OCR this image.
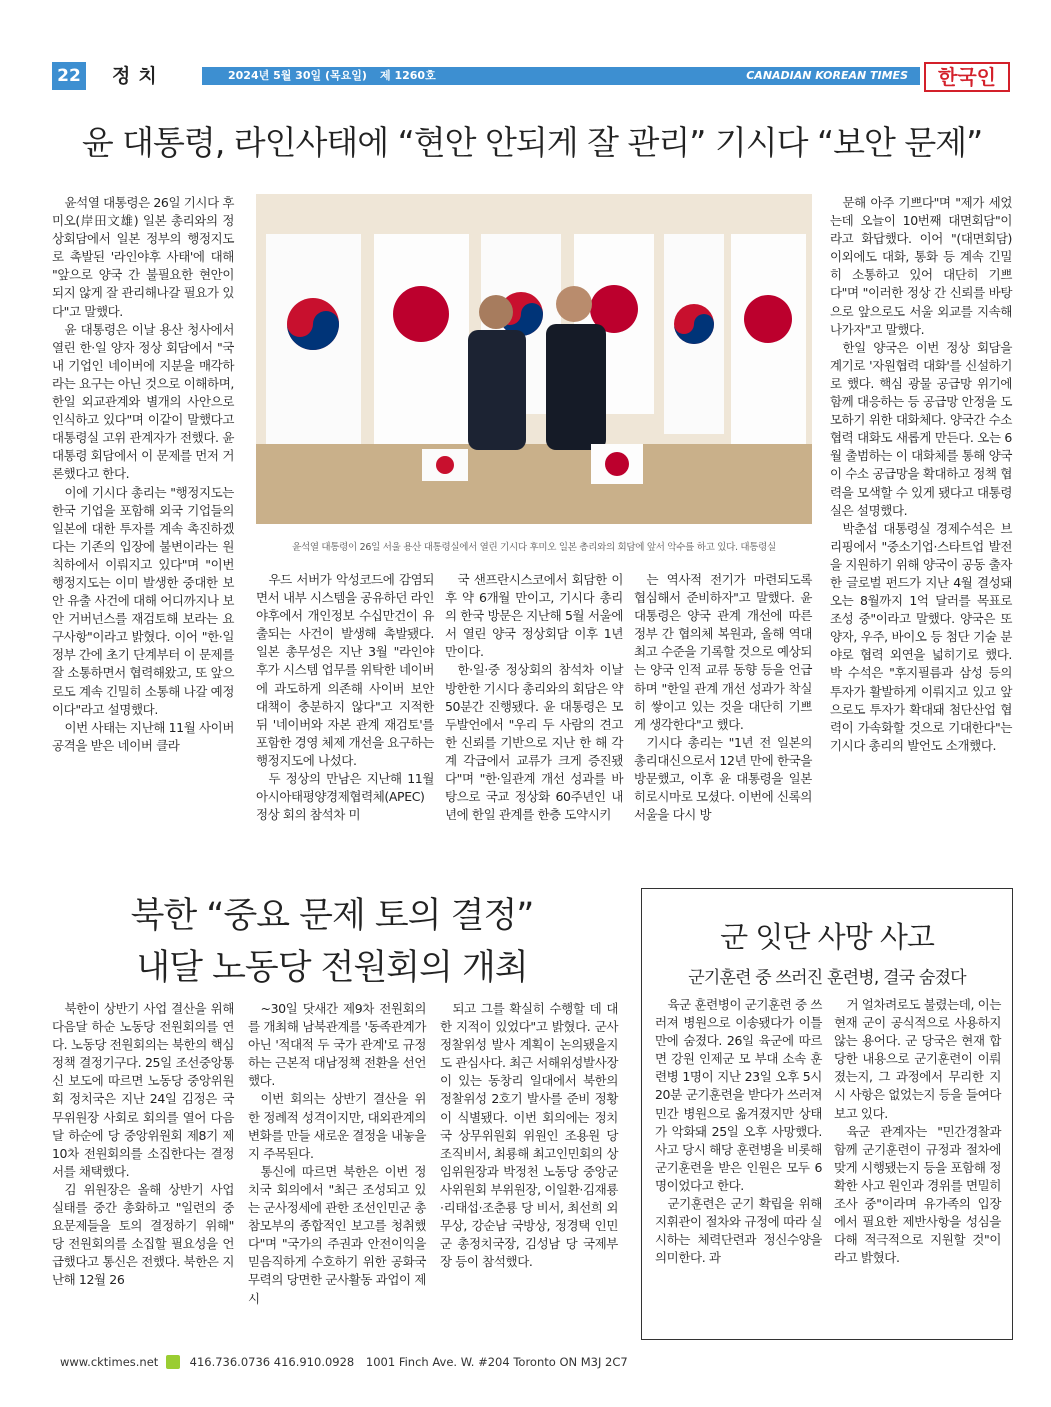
22 정치	2024년 5월 30일 (목요일) 제 1260호	CANADIAN KOREAN TIMES	한국인
윤 대통령, 라인사태에 “현안 안되게 잘 관리” 기시다 “보안 문제”

윤석열 대통령은 26일 기시다 후미오(岸田文雄) 일본 총리와의 정상회담에서 일본 정부의 행정지도로 촉발된 '라인야후 사태'에 대해 "앞으로 양국 간 불필요한 현안이 되지 않게 잘 관리해나갈 필요가 있다"고 말했다.

윤 대통령은 이날 용산 청사에서 열린 한·일 양자 정상 회담에서 "국내 기업인 네이버에 지분을 매각하라는 요구는 아닌 것으로 이해하며, 한일 외교관계와 별개의 사안으로 인식하고 있다"며 이같이 말했다고 대통령실 고위 관계자가 전했다. 윤 대통령 회담에서 이 문제를 먼저 거론했다고 한다.

이에 기시다 총리는 "행정지도는 한국 기업을 포함해 외국 기업들의 일본에 대한 투자를 계속 촉진하겠다는 기존의 입장에 불변이라는 원칙하에서 이뤄지고 있다"며 "이번 행정지도는 이미 발생한 중대한 보안 유출 사건에 대해 어디까지나 보안 거버넌스를 재검토해 보라는 요구사항"이라고 밝혔다. 이어 "한·일 정부 간에 초기 단계부터 이 문제를 잘 소통하면서 협력해왔고, 또 앞으로도 계속 긴밀히 소통해 나갈 예정이다"라고 설명했다.

이번 사태는 지난해 11월 사이버 공격을 받은 네이버 클라

윤석열 대통령이 26일 서울 용산 대통령실에서 열린 기시다 후미오 일본 총리와의 회담에 앞서 악수를 하고 있다. 대통령실

우드 서버가 악성코드에 감염되면서 내부 시스템을 공유하던 라인야후에서 개인정보 수십만건이 유출되는 사건이 발생해 촉발됐다. 일본 총무성은 지난 3월 "라인야후가 시스템 업무를 위탁한 네이버에 과도하게 의존해 사이버 보안 대책이 충분하지 않다"고 지적한 뒤 '네이버와 자본 관계 재검토'를 포함한 경영 체제 개선을 요구하는 행정지도에 나섰다.

두 정상의 만남은 지난해 11월 아시아태평양경제협력체(APEC) 정상 회의 참석차 미

국 샌프란시스코에서 회담한 이후 약 6개월 만이고, 기시다 총리의 한국 방문은 지난해 5월 서울에서 열린 양국 정상회담 이후 1년 만이다.

한·일·중 정상회의 참석차 이날 방한한 기시다 총리와의 회담은 약 50분간 진행됐다. 윤 대통령은 모두발언에서 "우리 두 사람의 견고한 신뢰를 기반으로 지난 한 해 각계 각급에서 교류가 크게 증진됐다"며 "한·일관계 개선 성과를 바탕으로 국교 정상화 60주년인 내년에 한일 관계를 한층 도약시키

는 역사적 전기가 마련되도록 협심해서 준비하자"고 말했다. 윤 대통령은 양국 관계 개선에 따른 정부 간 협의체 복원과, 올해 역대 최고 수준을 기록할 것으로 예상되는 양국 인적 교류 동향 등을 언급하며 "한일 관계 개선 성과가 착실히 쌓이고 있는 것을 대단히 기쁘게 생각한다"고 했다.

기시다 총리는 "1년 전 일본의 총리대신으로서 12년 만에 한국을 방문했고, 이후 윤 대통령을 일본 히로시마로 모셨다. 이번에 신록의 서울을 다시 방

문해 아주 기쁘다"며 "제가 세었는데 오늘이 10번째 대면회담"이라고 화답했다. 이어 "(대면회담) 이외에도 대화, 통화 등 계속 긴밀히 소통하고 있어 대단히 기쁘다"며 "이러한 정상 간 신뢰를 바탕으로 앞으로도 서울 외교를 지속해 나가자"고 말했다.

한일 양국은 이번 정상 회담을 계기로 '자원협력 대화'를 신설하기로 했다. 핵심 광물 공급망 위기에 함께 대응하는 등 공급망 안정을 도모하기 위한 대화체다. 양국간 수소협력 대화도 새롭게 만든다. 오는 6월 출범하는 이 대화체를 통해 양국이 수소 공급망을 확대하고 정책 협력을 모색할 수 있게 됐다고 대통령실은 설명했다.

박춘섭 대통령실 경제수석은 브리핑에서 "중소기업·스타트업 발전을 지원하기 위해 양국이 공동 출자한 글로벌 펀드가 지난 4월 결성돼 오는 8월까지 1억 달러를 목표로 조성 중"이라고 말했다. 양국은 또 양자, 우주, 바이오 등 첨단 기술 분야로 협력 외연을 넓히기로 했다. 박 수석은 "후지필름과 삼성 등의 투자가 활발하게 이뤄지고 있고 앞으로도 투자가 확대돼 첨단산업 협력이 가속화할 것으로 기대한다"는 기시다 총리의 발언도 소개했다.

북한 “중요 문제 토의 결정”
내달 노동당 전원회의 개최

북한이 상반기 사업 결산을 위해 다음달 하순 노동당 전원회의를 연다. 노동당 전원회의는 북한의 핵심 정책 결정기구다. 25일 조선중앙통신 보도에 따르면 노동당 중앙위원회 정치국은 지난 24일 김정은 국무위원장 사회로 회의를 열어 다음 달 하순에 당 중앙위원회 제8기 제10차 전원회의를 소집한다는 결정서를 채택했다.

김 위원장은 올해 상반기 사업 실태를 중간 총화하고 "일련의 중요문제들을 토의 결정하기 위해" 당 전원회의를 소집할 필요성을 언급했다고 통신은 전했다. 북한은 지난해 12월 26

~30일 닷새간 제9차 전원회의를 개최해 남북관계를 '동족관계가 아닌 '적대적 두 국가 관계'로 규정하는 근본적 대남정책 전환을 선언했다.

이번 회의는 상반기 결산을 위한 정례적 성격이지만, 대외관계의 변화를 만들 새로운 결정을 내놓을 지 주목된다.

통신에 따르면 북한은 이번 정치국 회의에서 "최근 조성되고 있는 군사정세에 관한 조선인민군 총참모부의 종합적인 보고를 청취했다"며 "국가의 주권과 안전이익을 믿음직하게 수호하기 위한 공화국 무력의 당면한 군사활동 과업이 제시

되고 그를 확실히 수행할 데 대한 지적이 있었다"고 밝혔다. 군사정찰위성 발사 계획이 논의됐을지도 관심사다. 최근 서해위성발사장이 있는 동창리 일대에서 북한의 정찰위성 2호기 발사를 준비 정황이 식별됐다. 이번 회의에는 정치국 상무위원회 위원인 조용원 당 조직비서, 최룡해 최고인민회의 상임위원장과 박정천 노동당 중앙군사위원회 부위원장, 이일환·김재룡·리태섭·조춘룡 당 비서, 최선희 외무상, 강순남 국방상, 정경택 인민군 총정치국장, 김성남 당 국제부장 등이 참석했다.

군 잇단 사망 사고
군기훈련 중 쓰러진 훈련병, 결국 숨졌다

육군 훈련병이 군기훈련 중 쓰러져 병원으로 이송됐다가 이틀 만에 숨졌다. 26일 육군에 따르면 강원 인제군 모 부대 소속 훈련병 1명이 지난 23일 오후 5시 20분 군기훈련을 받다가 쓰러져 민간 병원으로 옮겨졌지만 상태가 악화돼 25일 오후 사망했다. 사고 당시 해당 훈련병을 비롯해 군기훈련을 받은 인원은 모두 6명이었다고 한다.

군기훈련은 군기 확립을 위해 지휘관이 절차와 규정에 따라 실시하는 체력단련과 정신수양을 의미한다. 과

거 얼차려로도 불렸는데, 이는 현재 군이 공식적으로 사용하지 않는 용어다. 군 당국은 현재 합당한 내용으로 군기훈련이 이뤄졌는지, 그 과정에서 무리한 지시 사항은 없었는지 등을 들여다보고 있다.

육군 관계자는 "민간경찰과 함께 군기훈련이 규정과 절차에 맞게 시행됐는지 등을 포함해 정확한 사고 원인과 경위를 면밀히 조사 중"이라며 유가족의 입장에서 필요한 제반사항을 성심을 다해 적극적으로 지원할 것"이라고 밝혔다.

www.cktimes.net	416.736.0736 416.910.0928 1001 Finch Ave. W. #204 Toronto ON M3J 2C7
